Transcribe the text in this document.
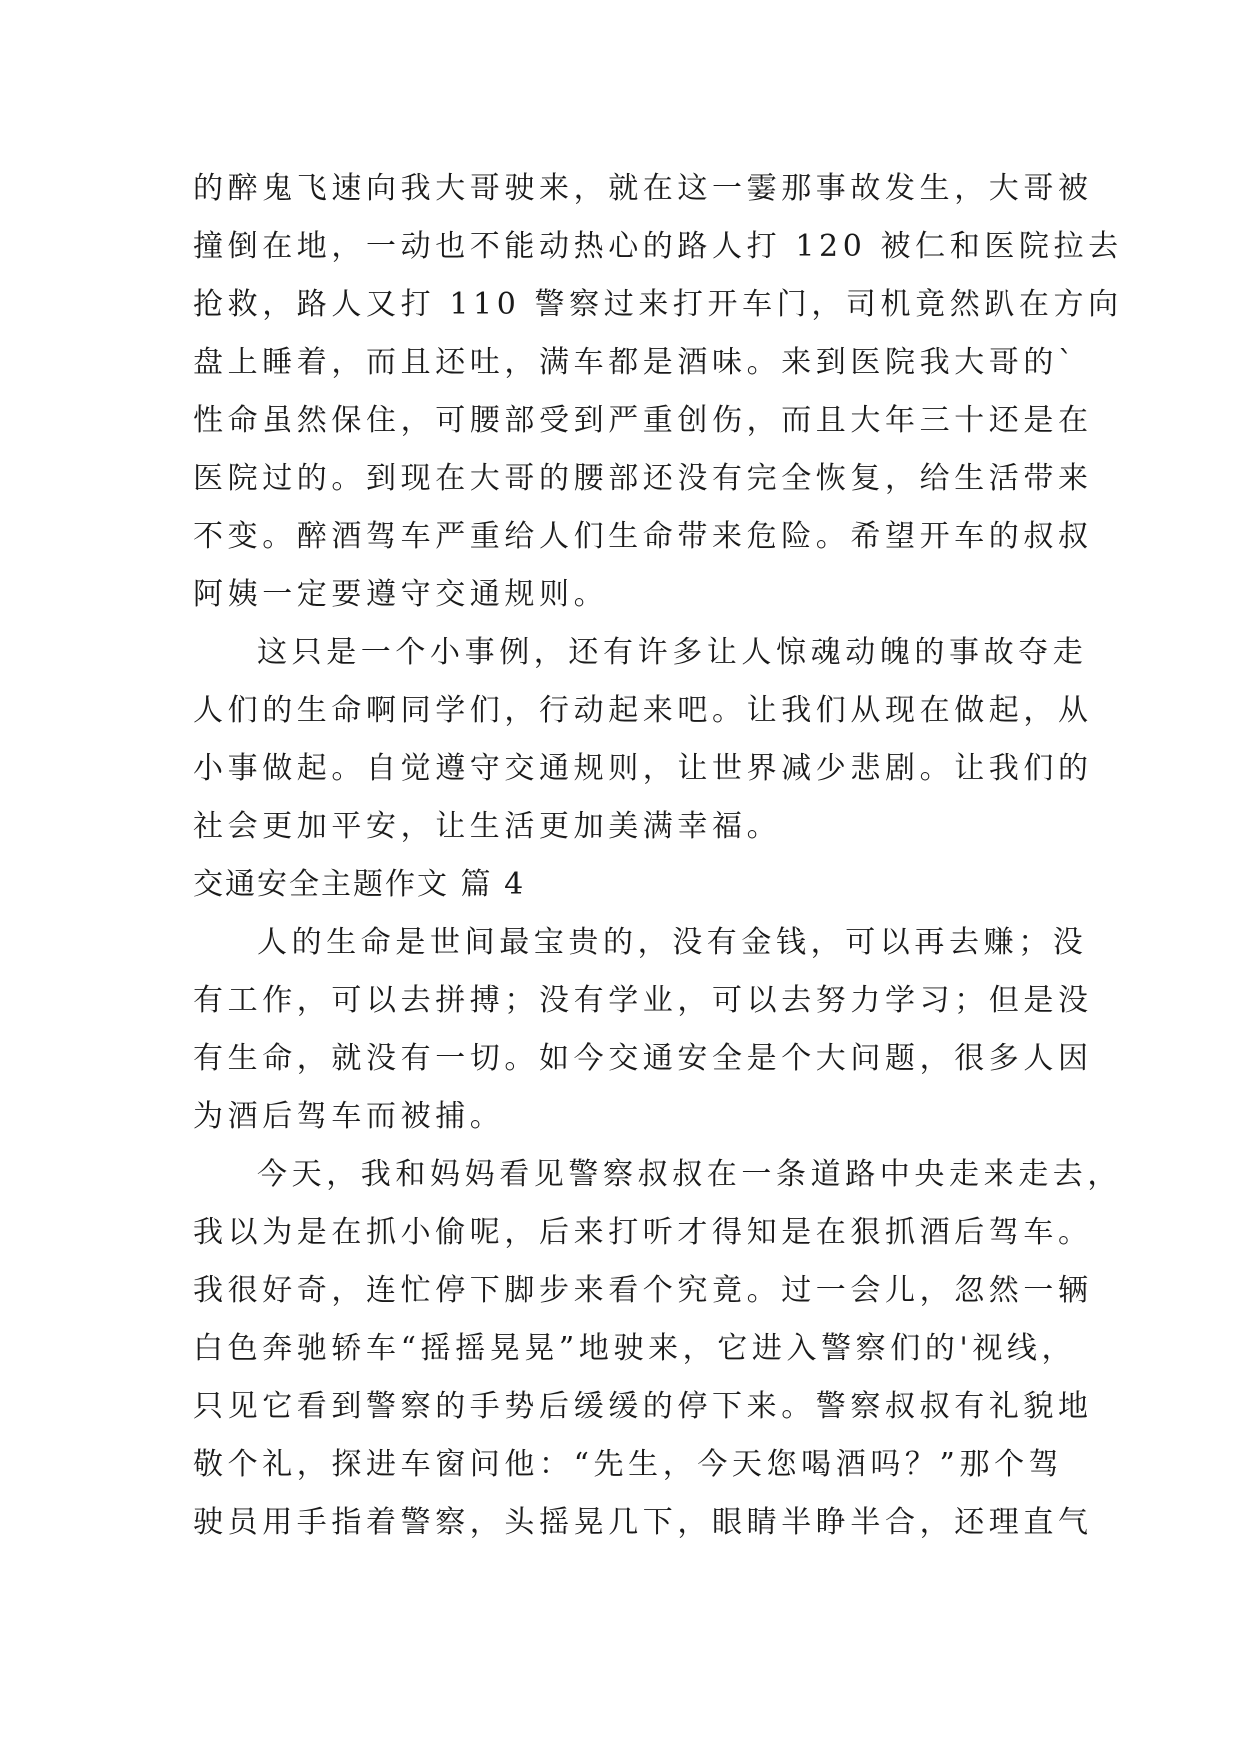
的醉鬼飞速向我大哥驶来，就在这一霎那事故发生，大哥被
撞倒在地，一动也不能动热心的路人打 120 被仁和医院拉去
抢救，路人又打 110 警察过来打开车门，司机竟然趴在方向
盘上睡着，而且还吐，满车都是酒味。来到医院我大哥的`
性命虽然保住，可腰部受到严重创伤，而且大年三十还是在
医院过的。到现在大哥的腰部还没有完全恢复，给生活带来
不变。醉酒驾车严重给人们生命带来危险。希望开车的叔叔
阿姨一定要遵守交通规则。
这只是一个小事例，还有许多让人惊魂动魄的事故夺走
人们的生命啊同学们，行动起来吧。让我们从现在做起，从
小事做起。自觉遵守交通规则，让世界减少悲剧。让我们的
社会更加平安，让生活更加美满幸福。
交通安全主题作文 篇 4
人的生命是世间最宝贵的，没有金钱，可以再去赚；没
有工作，可以去拼搏；没有学业，可以去努力学习；但是没
有生命，就没有一切。如今交通安全是个大问题，很多人因
为酒后驾车而被捕。
今天，我和妈妈看见警察叔叔在一条道路中央走来走去，
我以为是在抓小偷呢，后来打听才得知是在狠抓酒后驾车。
我很好奇，连忙停下脚步来看个究竟。过一会儿，忽然一辆
白色奔驰轿车“摇摇晃晃”地驶来，它进入警察们的'视线，
只见它看到警察的手势后缓缓的停下来。警察叔叔有礼貌地
敬个礼，探进车窗问他：“先生，今天您喝酒吗？”那个驾
驶员用手指着警察，头摇晃几下，眼睛半睁半合，还理直气
